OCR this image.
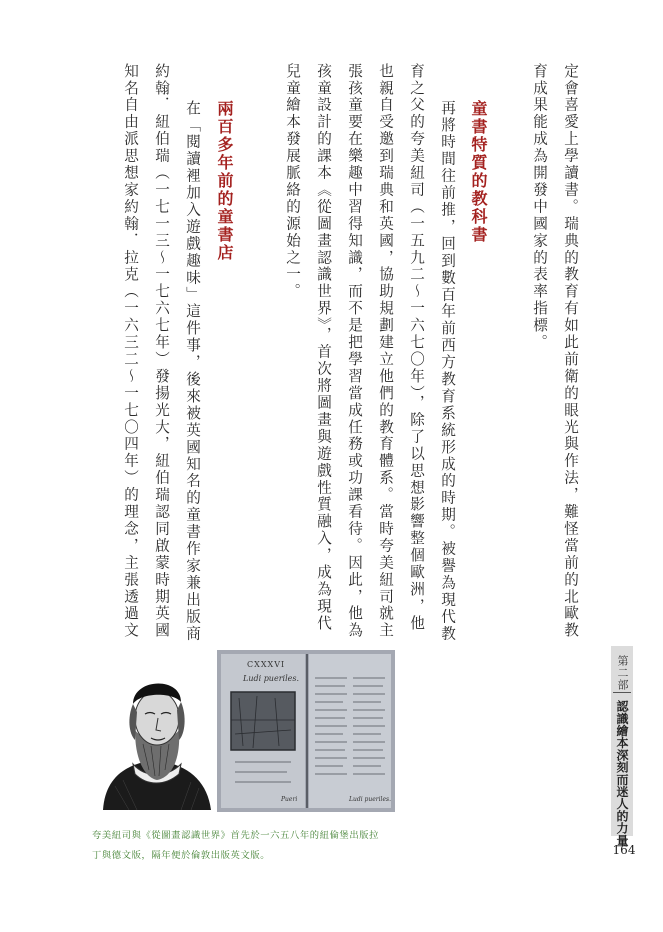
定會喜愛上學讀書。瑞典的教育有如此前衛的眼光與作法，難怪當前的北歐教
育成果能成為開發中國家的表率指標。
童書特質的教科書
再將時間往前推，回到數百年前西方教育系統形成的時期。被譽為現代教
育之父的夸美紐司（一五九二～一六七〇年），除了以思想影響整個歐洲，他
也親自受邀到瑞典和英國，協助規劃建立他們的教育體系。當時夸美紐司就主
張孩童要在樂趣中習得知識，而不是把學習當成任務或功課看待。因此，他為
孩童設計的課本《從圖畫認識世界》，首次將圖畫與遊戲性質融入，成為現代
兒童繪本發展脈絡的源始之一。
兩百多年前的童書店
在「閱讀裡加入遊戲趣味」這件事，後來被英國知名的童書作家兼出版商
約翰．紐伯瑞（一七一三～一七六七年）發揚光大，紐伯瑞認同啟蒙時期英國
知名自由派思想家約翰．拉克（一六三二～一七〇四年）的理念，主張透過文
第二部
認識繪本深刻而迷人的力量
164
CXXXVI
Ludi pueriles.
Pueri	Ludi pueriles.
夸美紐司與《從圖畫認識世界》首先於一六五八年的紐倫堡出版拉
丁與德文版，隔年便於倫敦出版英文版。
